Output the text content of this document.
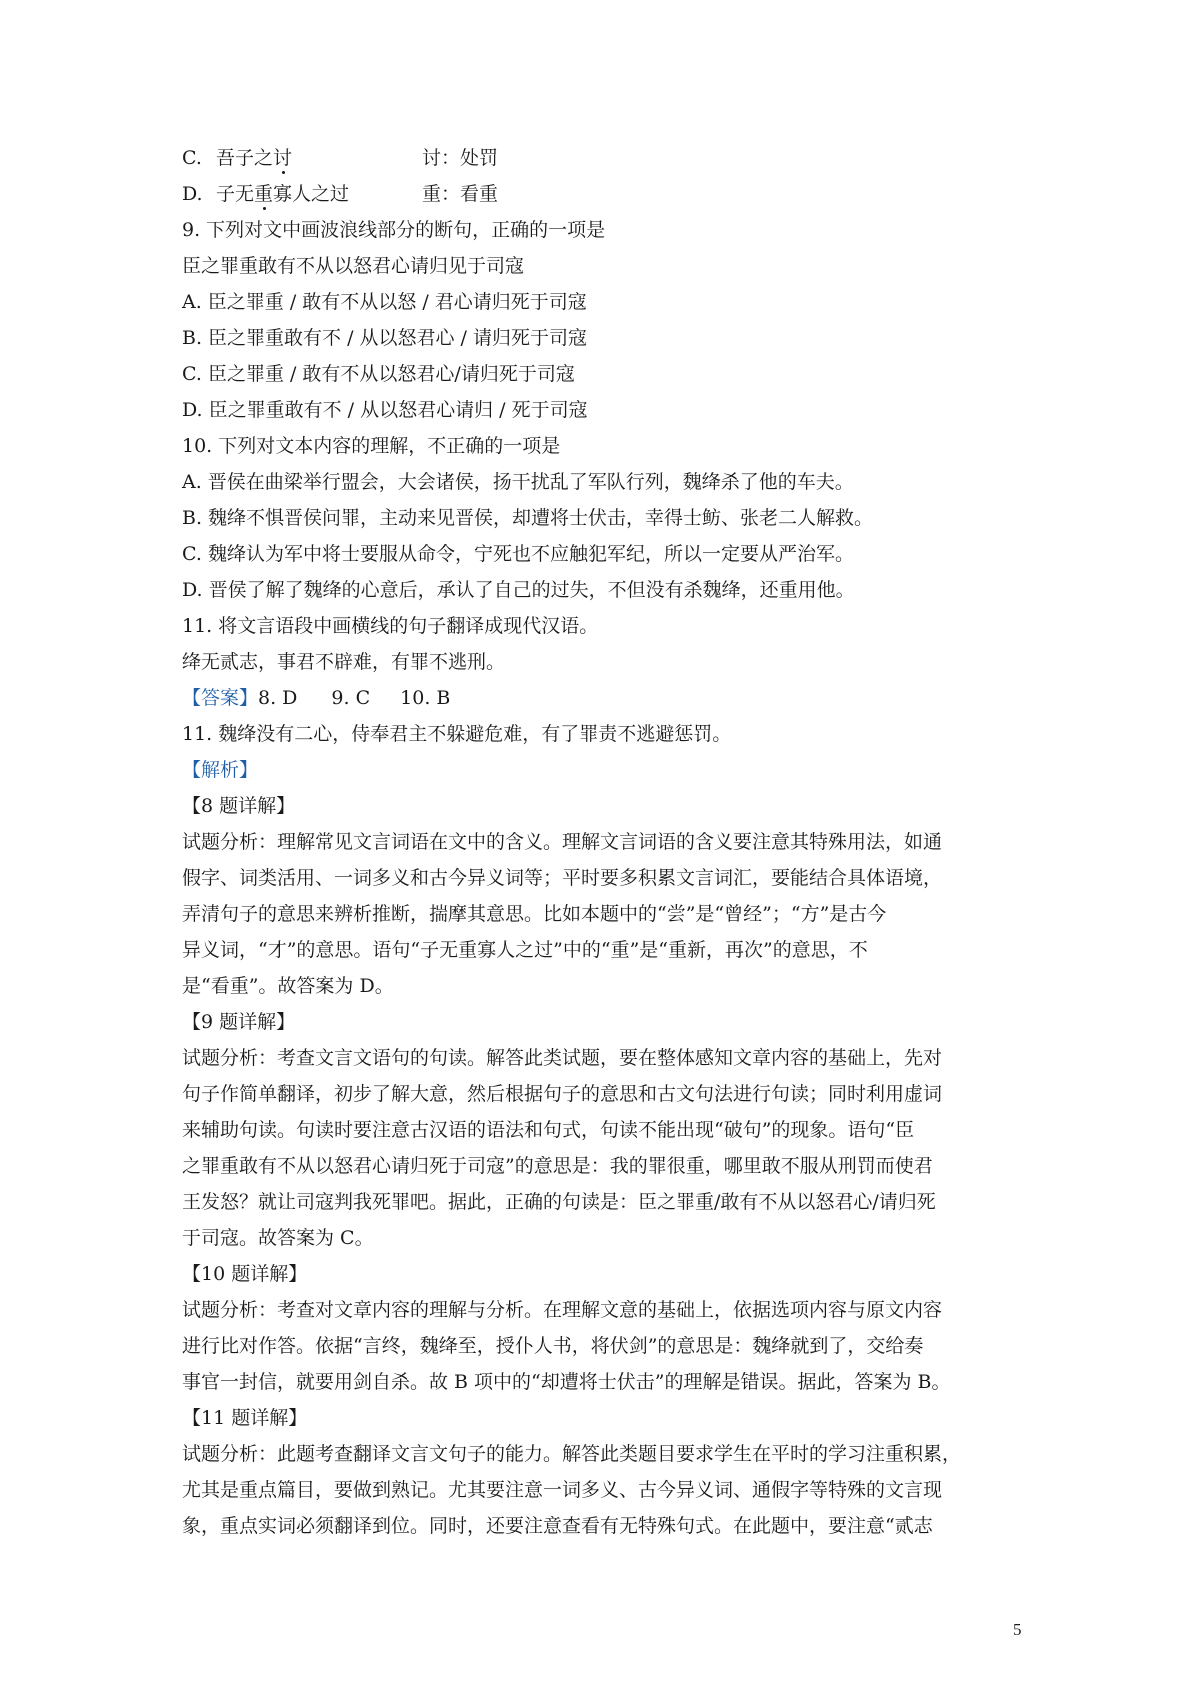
C. 吾子之讨	讨：处罚
D. 子无重寡人之过	重：看重
9. 下列对文中画波浪线部分的断句，正确的一项是
臣之罪重敢有不从以怒君心请归见于司寇
A. 臣之罪重 / 敢有不从以怒 / 君心请归死于司寇
B. 臣之罪重敢有不 / 从以怒君心 / 请归死于司寇
C. 臣之罪重 / 敢有不从以怒君心/请归死于司寇
D. 臣之罪重敢有不 / 从以怒君心请归 / 死于司寇
10. 下列对文本内容的理解，不正确的一项是
A. 晋侯在曲梁举行盟会，大会诸侯，扬干扰乱了军队行列，魏绛杀了他的车夫。
B. 魏绛不惧晋侯问罪，主动来见晋侯，却遭将士伏击，幸得士鲂、张老二人解救。
C. 魏绛认为军中将士要服从命令，宁死也不应触犯军纪，所以一定要从严治军。
D. 晋侯了解了魏绛的心意后，承认了自己的过失，不但没有杀魏绛，还重用他。
11. 将文言语段中画横线的句子翻译成现代汉语。
绛无贰志，事君不辟难，有罪不逃刑。
【答案】8. D 9. C 10. B
11. 魏绛没有二心，侍奉君主不躲避危难，有了罪责不逃避惩罚。
【解析】
【8 题详解】
试题分析：理解常见文言词语在文中的含义。理解文言词语的含义要注意其特殊用法，如通
假字、词类活用、一词多义和古今异义词等；平时要多积累文言词汇，要能结合具体语境，
弄清句子的意思来辨析推断，揣摩其意思。比如本题中的“尝”是“曾经”；“方”是古今
异义词，“才”的意思。语句“子无重寡人之过”中的“重”是“重新，再次”的意思，不
是“看重”。故答案为 D。
【9 题详解】
试题分析：考查文言文语句的句读。解答此类试题，要在整体感知文章内容的基础上，先对
句子作简单翻译，初步了解大意，然后根据句子的意思和古文句法进行句读；同时利用虚词
来辅助句读。句读时要注意古汉语的语法和句式，句读不能出现“破句”的现象。语句“臣
之罪重敢有不从以怒君心请归死于司寇”的意思是：我的罪很重，哪里敢不服从刑罚而使君
王发怒？就让司寇判我死罪吧。据此，正确的句读是：臣之罪重/敢有不从以怒君心/请归死
于司寇。故答案为 C。
【10 题详解】
试题分析：考查对文章内容的理解与分析。在理解文意的基础上，依据选项内容与原文内容
进行比对作答。依据“言终，魏绛至，授仆人书，将伏剑”的意思是：魏绛就到了，交给奏
事官一封信，就要用剑自杀。故 B 项中的“却遭将士伏击”的理解是错误。据此，答案为 B。
【11 题详解】
试题分析：此题考查翻译文言文句子的能力。解答此类题目要求学生在平时的学习注重积累，
尤其是重点篇目，要做到熟记。尤其要注意一词多义、古今异义词、通假字等特殊的文言现
象，重点实词必须翻译到位。同时，还要注意查看有无特殊句式。在此题中，要注意“贰志
5
